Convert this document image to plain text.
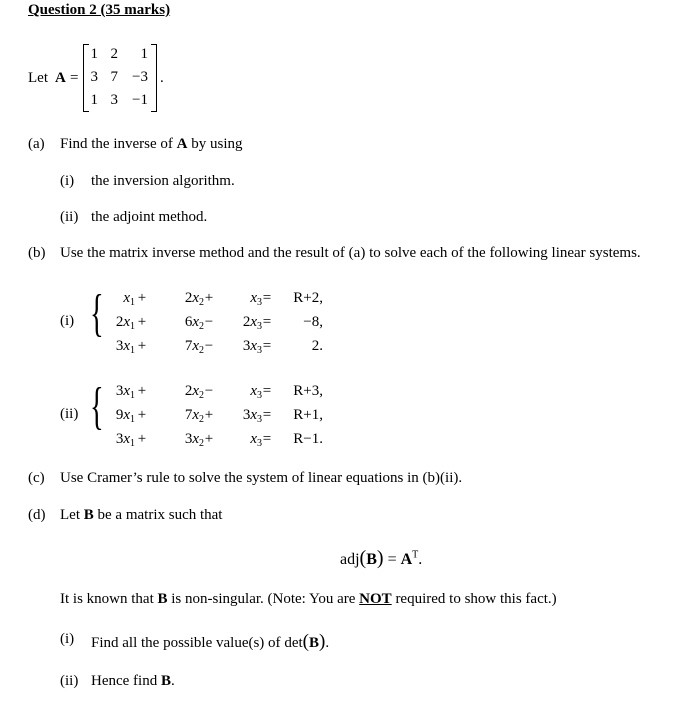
Question 2 (35 marks)
Let A =
1 2	1
3 7 −3
1 3 −1
.
(a) Find the inverse of A by using
(i) the inversion algorithm.
(ii) the adjoint method.
(b) Use the matrix inverse method and the result of (a) to solve each of the following linear systems.
(i) {	$x_1$ +	$2x_2$ +	$x_3$ =	R+2,
$2x_1$ +	$6x_2$ −	$2x_3$ =	−8,
$3x_1$ +	$7x_2$ −	$3x_3$ =	2.
(ii) { $3x_1$ +	$2x_2$ −	$x_3$ =	R+3,
$9x_1$ +	$7x_2$ +	$3x_3$ =	R+1,
$3x_1$ +	$3x_2$ +	$x_3$ =	R−1.
(c) Use Cramer’s rule to solve the system of linear equations in (b)(ii).
(d) Let B be a matrix such that
$adj(B) = A^T$.
It is known that B is non-singular. (Note: You are NOT required to show this fact.)
(i) Find all the possible value(s) of det(B).
(ii) Hence find B.
